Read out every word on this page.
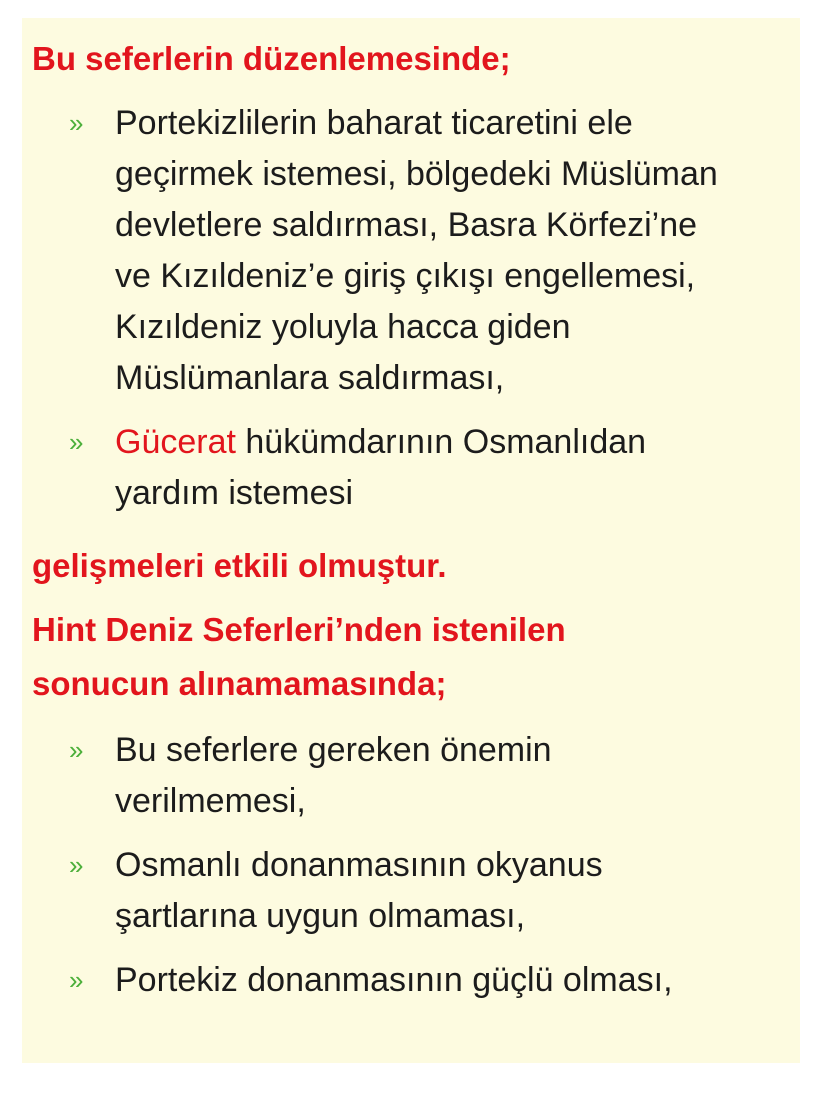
Bu seferlerin düzenlemesinde;

» Portekizlilerin baharat ticaretini ele
geçirmek istemesi, bölgedeki Müslüman
devletlere saldırması, Basra Körfezi’ne
ve Kızıldeniz’e giriş çıkışı engellemesi,
Kızıldeniz yoluyla hacca giden
Müslümanlara saldırması,
» Gücerat hükümdarının Osmanlıdan
yardım istemesi

gelişmeleri etkili olmuştur.

Hint Deniz Seferleri’nden istenilen
sonucun alınamamasında;

» Bu seferlere gereken önemin
verilmemesi,
» Osmanlı donanmasının okyanus
şartlarına uygun olmaması,
» Portekiz donanmasının güçlü olması,
